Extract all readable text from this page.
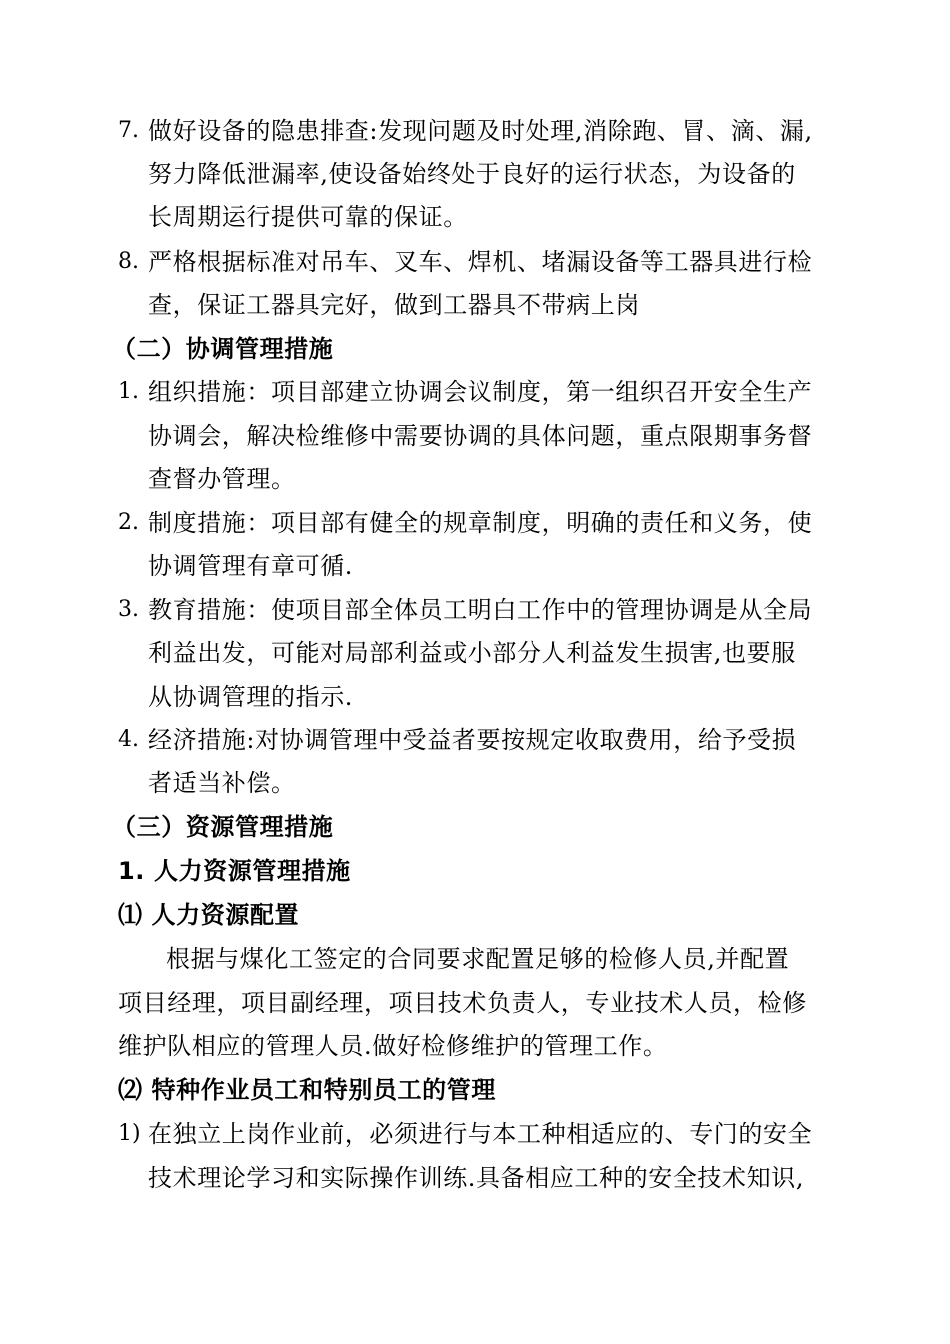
7. 做好设备的隐患排查:发现问题及时处理,消除跑、冒、滴、漏,
努力降低泄漏率,使设备始终处于良好的运行状态，为设备的
长周期运行提供可靠的保证。
8. 严格根据标准对吊车、叉车、焊机、堵漏设备等工器具进行检
查，保证工器具完好，做到工器具不带病上岗
（二）协调管理措施
1. 组织措施：项目部建立协调会议制度，第一组织召开安全生产
协调会，解决检维修中需要协调的具体问题，重点限期事务督
查督办管理。
2. 制度措施：项目部有健全的规章制度，明确的责任和义务，使
协调管理有章可循.
3. 教育措施：使项目部全体员工明白工作中的管理协调是从全局
利益出发，可能对局部利益或小部分人利益发生损害,也要服
从协调管理的指示.
4. 经济措施:对协调管理中受益者要按规定收取费用，给予受损
者适当补偿。
（三）资源管理措施
1. 人力资源管理措施
⑴ 人力资源配置
根据与煤化工签定的合同要求配置足够的检修人员,并配置
项目经理，项目副经理，项目技术负责人，专业技术人员，检修
维护队相应的管理人员.做好检修维护的管理工作。
⑵ 特种作业员工和特别员工的管理
1) 在独立上岗作业前，必须进行与本工种相适应的、专门的安全
技术理论学习和实际操作训练.具备相应工种的安全技术知识,
